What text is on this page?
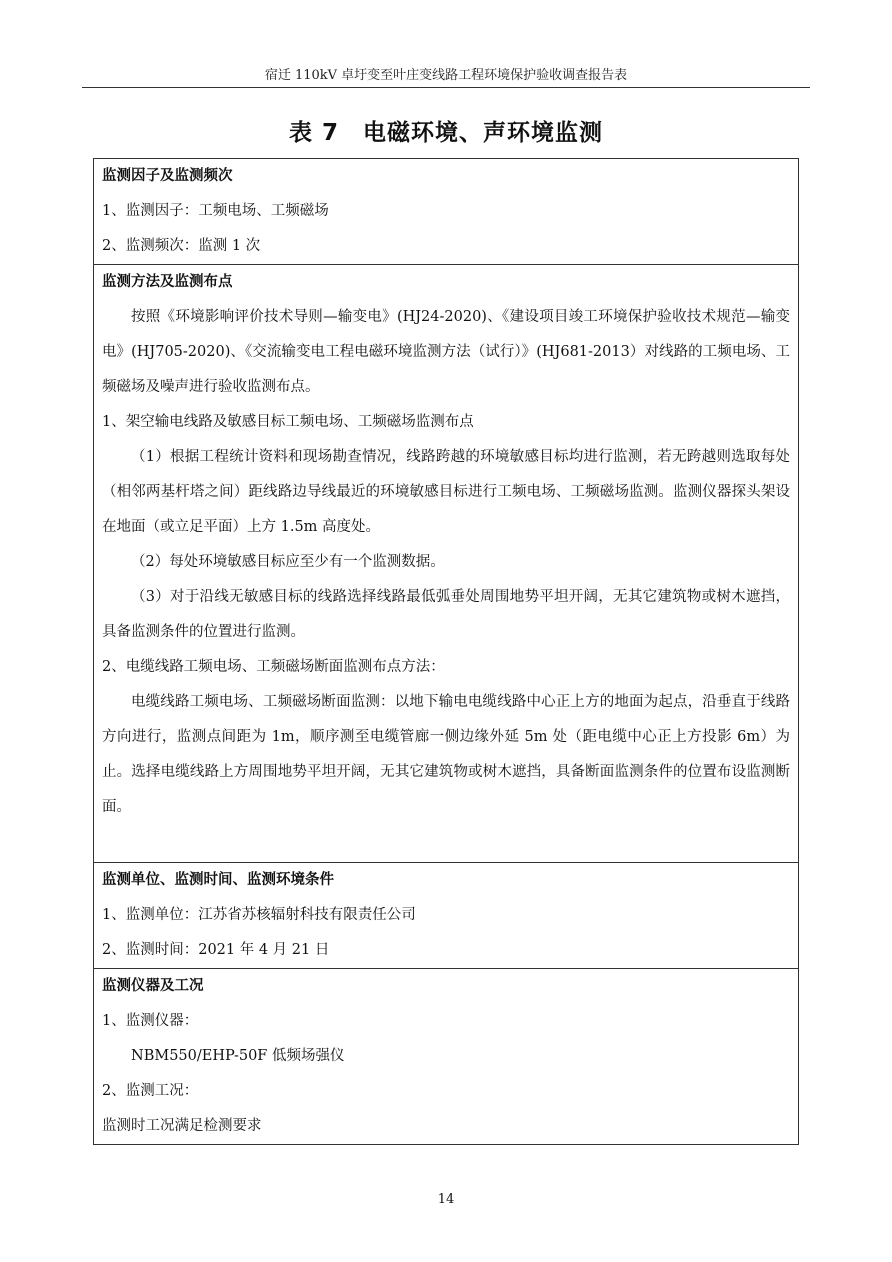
宿迁 110kV 卓圩变至叶庄变线路工程环境保护验收调查报告表
表 7　电磁环境、声环境监测
监测因子及监测频次
1、监测因子：工频电场、工频磁场
2、监测频次：监测 1 次
监测方法及监测布点

按照《环境影响评价技术导则—输变电》(HJ24-2020)、《建设项目竣工环境保护验收技术规范—输变电》(HJ705-2020)、《交流输变电工程电磁环境监测方法（试行）》(HJ681-2013）对线路的工频电场、工频磁场及噪声进行验收监测布点。

1、架空输电线路及敏感目标工频电场、工频磁场监测布点

（1）根据工程统计资料和现场勘查情况，线路跨越的环境敏感目标均进行监测，若无跨越则选取每处（相邻两基杆塔之间）距线路边导线最近的环境敏感目标进行工频电场、工频磁场监测。监测仪器探头架设在地面（或立足平面）上方 1.5m 高度处。

（2）每处环境敏感目标应至少有一个监测数据。

（3）对于沿线无敏感目标的线路选择线路最低弧垂处周围地势平坦开阔，无其它建筑物或树木遮挡，具备监测条件的位置进行监测。

2、电缆线路工频电场、工频磁场断面监测布点方法：

电缆线路工频电场、工频磁场断面监测：以地下输电电缆线路中心正上方的地面为起点，沿垂直于线路方向进行，监测点间距为 1m，顺序测至电缆管廊一侧边缘外延 5m 处（距电缆中心正上方投影 6m）为止。选择电缆线路上方周围地势平坦开阔，无其它建筑物或树木遮挡，具备断面监测条件的位置布设监测断面。

监测单位、监测时间、监测环境条件
1、监测单位：江苏省苏核辐射科技有限责任公司
2、监测时间：2021 年 4 月 21 日
监测仪器及工况
1、监测仪器：
NBM550/EHP-50F 低频场强仪
2、监测工况：
监测时工况满足检测要求
14
